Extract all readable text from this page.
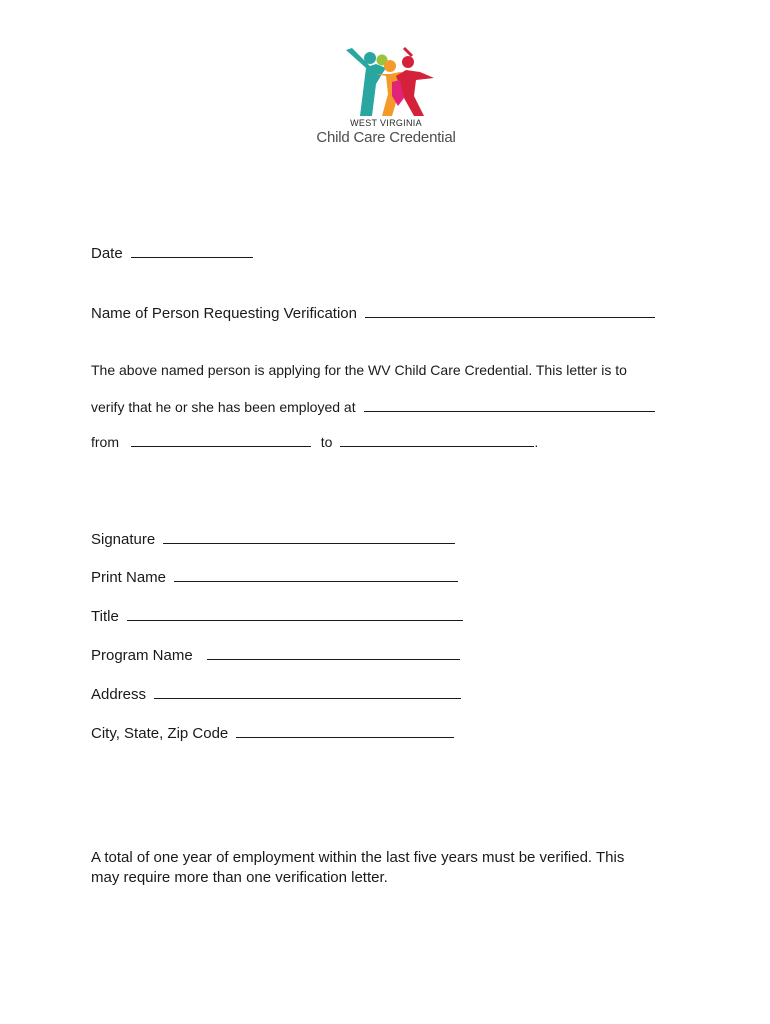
WEST VIRGINIA
Child Care Credential
Date
Name of Person Requesting Verification
The above named person is applying for the WV Child Care Credential. This letter is to
verify that he or she has been employed at
from	to	.
Signature
Print Name
Title
Program Name
Address
City, State, Zip Code
A total of one year of employment within the last five years must be verified. This
may require more than one verification letter.
